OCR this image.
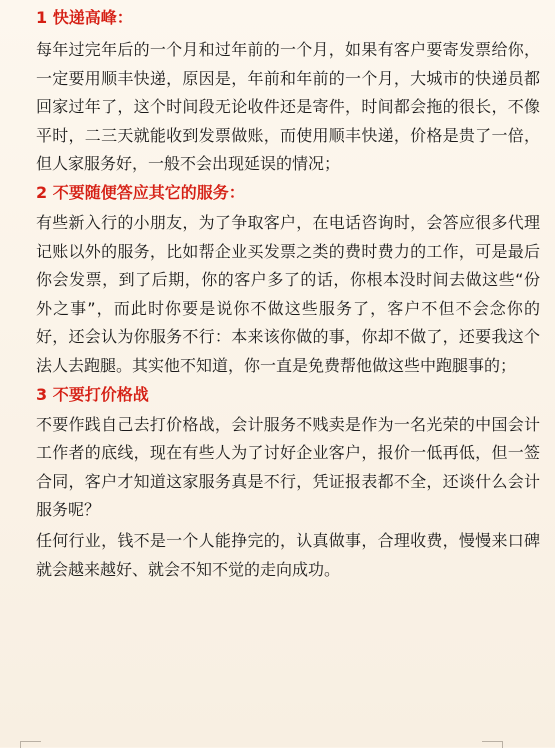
1 快递高峰：
每年过完年后的一个月和过年前的一个月，如果有客户要寄发票给你，一定要用顺丰快递，原因是，年前和年前的一个月，大城市的快递员都回家过年了，这个时间段无论收件还是寄件，时间都会拖的很长，不像平时，二三天就能收到发票做账，而使用顺丰快递，价格是贵了一倍，但人家服务好，一般不会出现延误的情况；
2 不要随便答应其它的服务：
有些新入行的小朋友，为了争取客户，在电话咨询时，会答应很多代理记账以外的服务，比如帮企业买发票之类的费时费力的工作，可是最后你会发票，到了后期，你的客户多了的话，你根本没时间去做这些“份外之事”，而此时你要是说你不做这些服务了，客户不但不会念你的好，还会认为你服务不行：本来该你做的事，你却不做了，还要我这个法人去跑腿。其实他不知道，你一直是免费帮他做这些中跑腿事的；
3 不要打价格战
不要作践自己去打价格战，会计服务不贱卖是作为一名光荣的中国会计工作者的底线，现在有些人为了讨好企业客户，报价一低再低，但一签合同，客户才知道这家服务真是不行，凭证报表都不全，还谈什么会计服务呢？
任何行业，钱不是一个人能挣完的，认真做事，合理收费，慢慢来口碑就会越来越好、就会不知不觉的走向成功。
